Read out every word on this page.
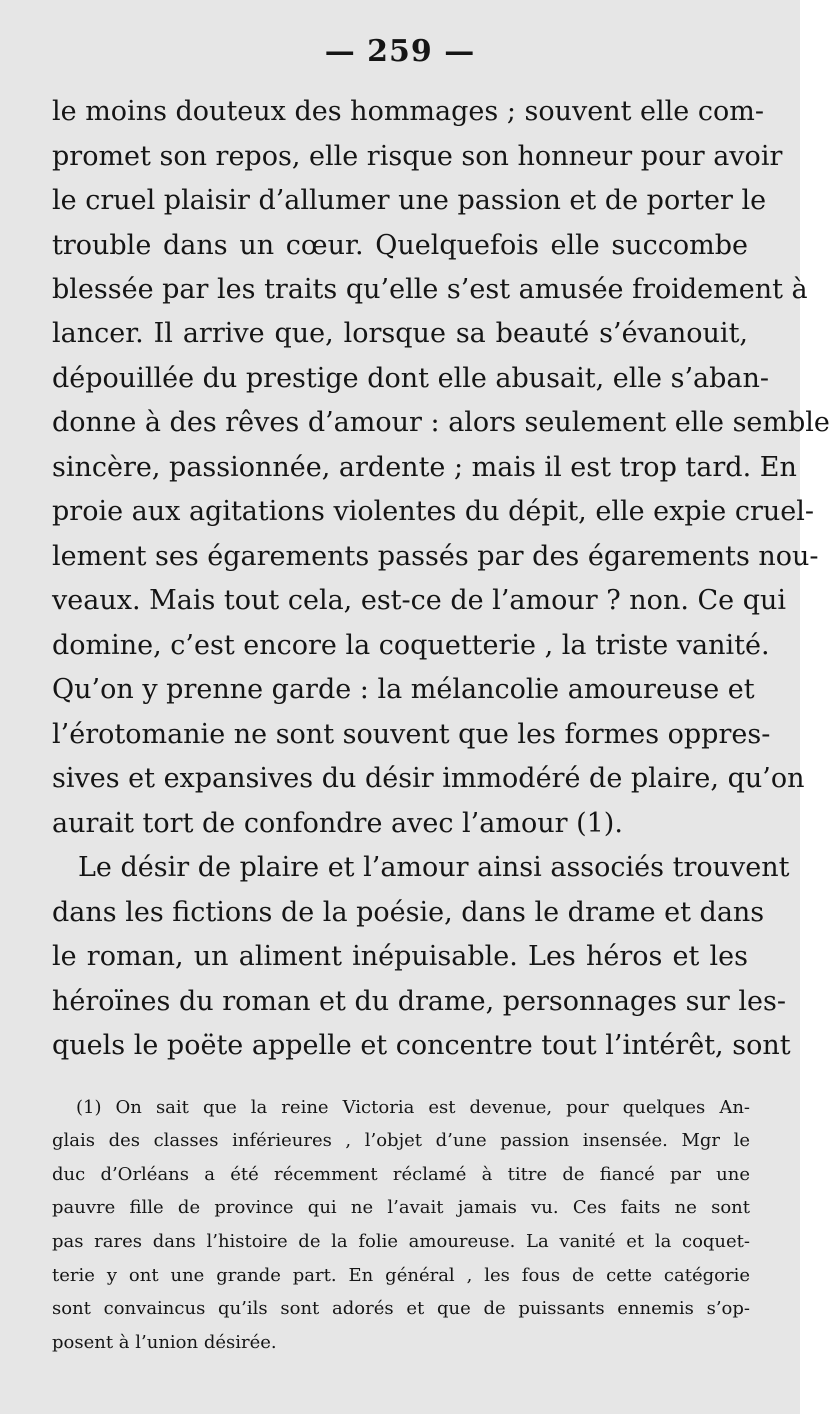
— 259 —
le moins douteux des hommages ; souvent elle com-
promet son repos, elle risque son honneur pour avoir
le cruel plaisir d’allumer une passion et de porter le
trouble dans un cœur. Quelquefois elle succombe
blessée par les traits qu’elle s’est amusée froidement à
lancer. Il arrive que, lorsque sa beauté s’évanouit,
dépouillée du prestige dont elle abusait, elle s’aban-
donne à des rêves d’amour : alors seulement elle semble
sincère, passionnée, ardente ; mais il est trop tard. En
proie aux agitations violentes du dépit, elle expie cruel-
lement ses égarements passés par des égarements nou-
veaux. Mais tout cela, est-ce de l’amour ? non. Ce qui
domine, c’est encore la coquetterie , la triste vanité.
Qu’on y prenne garde : la mélancolie amoureuse et
l’érotomanie ne sont souvent que les formes oppres-
sives et expansives du désir immodéré de plaire, qu’on
aurait tort de confondre avec l’amour (1).
Le désir de plaire et l’amour ainsi associés trouvent
dans les fictions de la poésie, dans le drame et dans
le roman, un aliment inépuisable. Les héros et les
héroïnes du roman et du drame, personnages sur les-
quels le poëte appelle et concentre tout l’intérêt, sont
(1) On sait que la reine Victoria est devenue, pour quelques An-
glais des classes inférieures , l’objet d’une passion insensée. Mgr le
duc d’Orléans a été récemment réclamé à titre de fiancé par une
pauvre fille de province qui ne l’avait jamais vu. Ces faits ne sont
pas rares dans l’histoire de la folie amoureuse. La vanité et la coquet-
terie y ont une grande part. En général , les fous de cette catégorie
sont convaincus qu’ils sont adorés et que de puissants ennemis s’op-
posent à l’union désirée.
